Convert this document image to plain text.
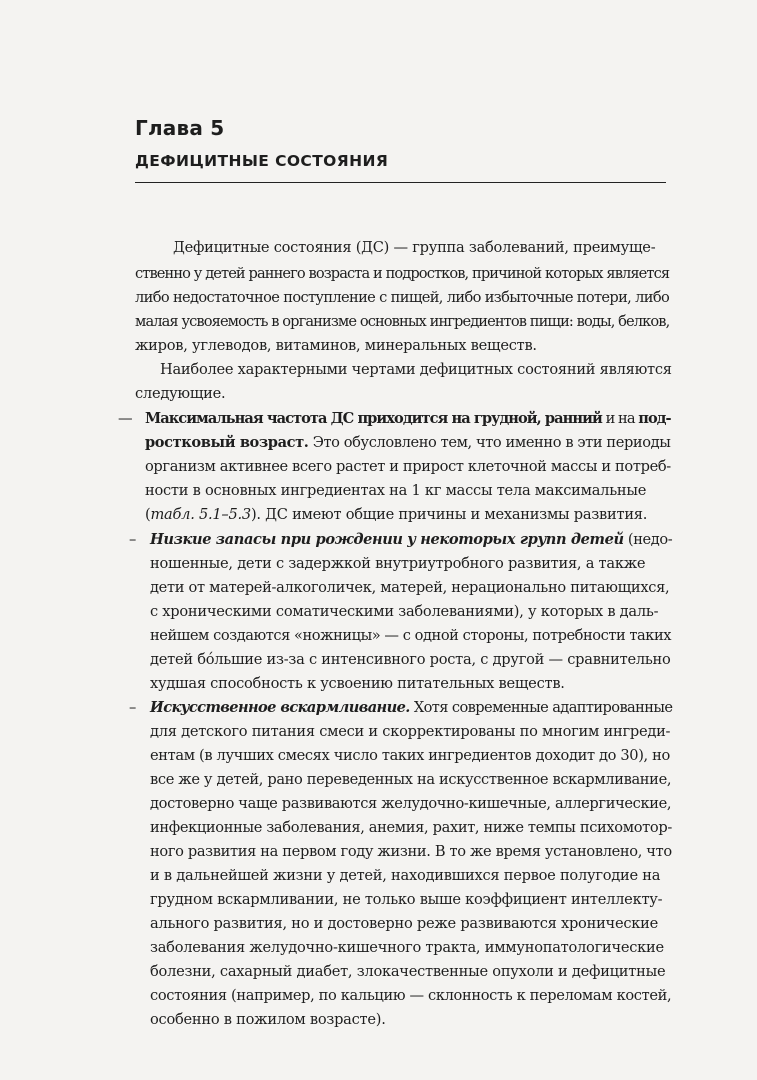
Глава 5
ДЕФИЦИТНЫЕ СОСТОЯНИЯ

Дефицитные состояния (ДС) — группа заболеваний, преимуще-

ственно у детей раннего возраста и подростков, причиной которых является

либо недостаточное поступление с пищей, либо избыточные потери, либо

малая усвояемость в организме основных ингредиентов пищи: воды, белков,

жиров, углеводов, витаминов, минеральных веществ.

Наиболее характерными чертами дефицитных состояний являются

следующие.

— Максимальная частота ДС приходится на грудной, ранний и на под-

ростковый возраст. Это обусловлено тем, что именно в эти периоды

организм активнее всего растет и прирост клеточной массы и потреб-

ности в основных ингредиентах на 1 кг массы тела максимальные

(табл. 5.1–5.3). ДС имеют общие причины и механизмы развития.

– Низкие запасы при рождении у некоторых групп детей (недо-

ношенные, дети с задержкой внутриутробного развития, а также

дети от матерей-алкоголичек, матерей, нерационально питающихся,

с хроническими соматическими заболеваниями), у которых в даль-

нейшем создаются «ножницы» — с одной стороны, потребности таких

детей бóльшие из-за с интенсивного роста, с другой — сравнительно

худшая способность к усвоению питательных веществ.

– Искусственное вскармливание. Хотя современные адаптированные

для детского питания смеси и скорректированы по многим ингреди-

ентам (в лучших смесях число таких ингредиентов доходит до 30), но

все же у детей, рано переведенных на искусственное вскармливание,

достоверно чаще развиваются желудочно-кишечные, аллергические,

инфекционные заболевания, анемия, рахит, ниже темпы психомотор-

ного развития на первом году жизни. В то же время установлено, что

и в дальнейшей жизни у детей, находившихся первое полугодие на

грудном вскармливании, не только выше коэффициент интеллекту-

ального развития, но и достоверно реже развиваются хронические

заболевания желудочно-кишечного тракта, иммунопатологические

болезни, сахарный диабет, злокачественные опухоли и дефицитные

состояния (например, по кальцию — склонность к переломам костей,

особенно в пожилом возрасте).
